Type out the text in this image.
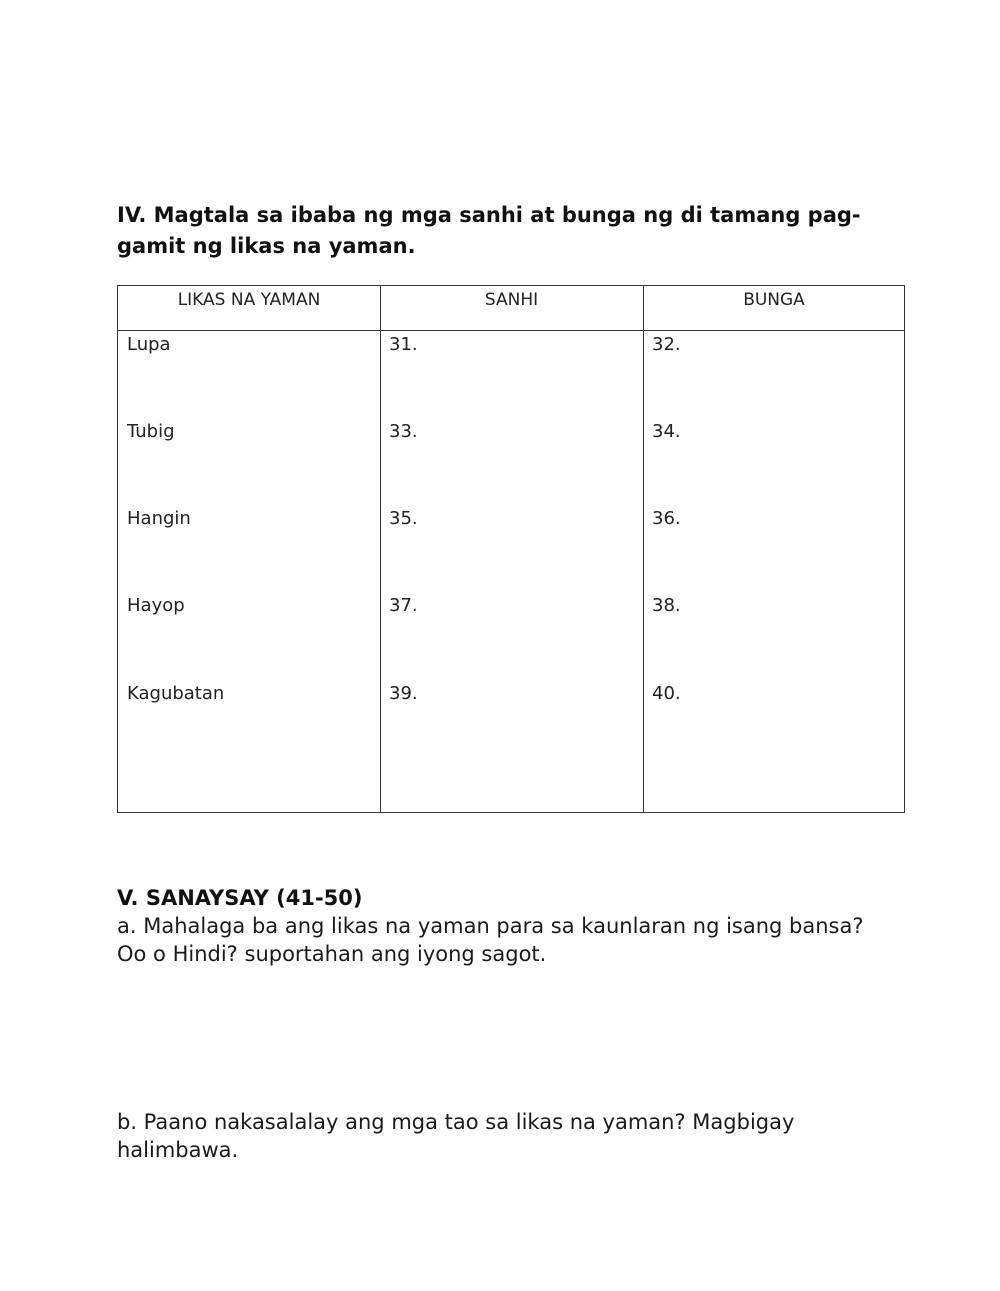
IV. Magtala sa ibaba ng mga sanhi at bunga ng di tamang pag-gamit ng likas na yaman.
LIKAS NA YAMAN	SANHI	BUNGA
Lupa	31.	32.
Tubig	33.	34.
Hangin	35.	36.
Hayop	37.	38.
Kagubatan	39.	40.
V. SANAYSAY (41-50)

a. Mahalaga ba ang likas na yaman para sa kaunlaran ng isang bansa? Oo o Hindi? suportahan ang iyong sagot.

b. Paano nakasalalay ang mga tao sa likas na yaman? Magbigay halimbawa.
